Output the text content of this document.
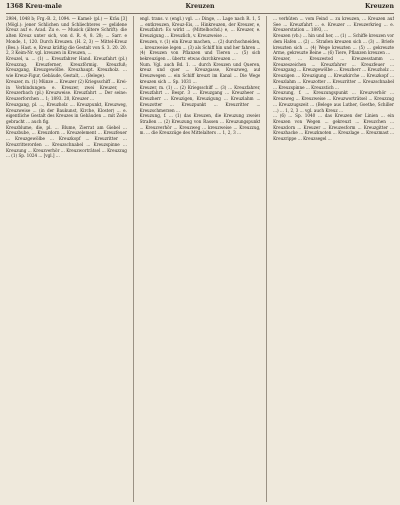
1368 Kreu-male	Kreuzen	Kreuzen

2984, 1048 b; Frg.-B. 2, 1094. — Kamel- (pl.) — Kräu [3] (Mögl.): jener Schlichen und Schliechteres — gelidene Kreuz auf e. Acad. Zu e. — Musick (ältere Schrift): die alten Kreuz unter sich, von d. R. 4, 8. 28; ... Sarr. e Monde, 1, 120. Durch Kreuzen. (H. 2, 3) — Mittel-Kreuz (Bes.): Hast. e, Kreuz kräftig die Gestalt von S. 3. 20. 20. 2, 3 Keim-Nr. vgl. kreuzen in Kreuzen, ...

Kreuzel, u. ... (1) ... Kreuzfahrer Hand. Kreuzfahrt (pl.) Kreuzzug. Kreuzferner, Kreuzförmig. Kreuzfuß; Kreuzgang, Kreuzgewölbe. Kreuzhaupt. Kreuzholz. ... wie Kreuz-Figur, Gebäude, Gestalt, ... (Belege).

Kreuzer, m. (1) Münze ... Kreuzer (2) Kriegsschiff ... Krei- in Verbindungen: e. Kreuzer, zwei Kreuzer, ... Kreuzerbach (pl.) Kreuzweise. Kreuzfahrt ... Der seine: Kreuzerforchen ... 1; 1893. 20, Kreuzer ...

Kreuzgang, pl. ..., Kreuzholz .... Kreuzpunkt, Kreuzweg, Kreuzweise ... (in der Baukunst, Kirche, Kloster) ... e. eigentliche Gestalt des Kreuzes in Gebäuden ... mit Zeile gebracht ... auch fig.

Kreuzblume, die, pl. ... Blume, Zierrat am Giebel ... Kreuzbube, ... Kreuzdorn ... Kreuzelement ... Kreuzfeuer ... Kreuzgewölbe ... Kreuzkopf ... Kreuzritter ... Kreuzritterorden ... Kreuzschnabel ... Kreuzspinne ... Kreuzung ... Kreuzverhör ... Kreuzworträtsel ... Kreuzzug ... (1) Sp. 1024 ... [vgl.] ...

engl. trans. v. (engl.) vgl. ...: Dinge, ... Lage nach R. 1, 5 ... entkreuzen, Kreuz-Eis, ... Hinkreuzen, der Kreuzer, e, Kreuzfahrt: Es wirkt ... (Mittelhochd.) e, ... Kreuzer, e. Kreuzigung ... Kreuzlich, v. Kreuzweise ...

Kreuzen, v. (1) ein Kreuz machen, ... (2) durchschneiden, ... kreuzweise legen ... (3) als Schiff hin und her fahren ... (4) Kreuzen von Pflanzen und Tieren ... (5) sich bekreuzigen ... übertr. etwas durchkreuzen ...

Num. Vgl. auch Bd. 1. ... durch Kreuzen und Queren, kreuz und quer ... Kreuzgasse, Kreuzweg, auf Kreuzwegen ... ein Schiff kreuzt im Kanal ... Die Wege kreuzen sich ... Sp. 1031 ...

Kreuzer, m. (1) ... (2) Kriegsschiff ... (3) ... Kreuzfahrer, Kreuzfahrt ... Bespr. 3 ... Kreuzgang ... Kreuzheer ... Kreuzherr ... Kreuzigen, Kreuzigung ... Kreuzlahm ... Kreuzotter ... Kreuzpunkt ... Kreuzritter ... Kreuzschmerzen ...

Kreuzung, f. ... (1) das Kreuzen, die Kreuzung zweier Straßen ... (2) Kreuzung von Rassen ... Kreuzungspunkt ... Kreuzverhör ... Kreuzweg ... kreuzweise ... Kreuzzug, m. ... die Kreuzzüge des Mittelalters ... 1, 2, 3 ...

... verhüten ... vom Feind ... zu kreuzen, ... Kreuzen auf See ... Kreuzfahrt ... e. Kreuzer ... Kreuzerkrieg ... e. Kreuzerstation ... 1893, ...

Kreuzen (vb.) ... hin und her, ... (1) ... Schiffe kreuzen vor dem Hafen ... (2) ... Straßen kreuzen sich ... (3) ... Briefe kreuzten sich ... (4) Wege kreuzten ... (5) ... gekreuzte Arme, gekreuzte Beine ... (6) Tiere, Pflanzen kreuzen ...

Kreuzer, ... Kreuzestod ... Kreuzesstamm ... Kreuzeszeichen ... Kreuzfahrer ... Kreuzfeuer ... Kreuzgang ... Kreuzgewölbe ... Kreuzherr ... Kreuzholz ... Kreuzigen ... Kreuzigung ... Kreuzkirche ... Kreuzkopf ... Kreuzlahm ... Kreuzotter ... Kreuzritter ... Kreuzschnabel ... Kreuzspinne ... Kreuzstich ...

Kreuzung, f. ... Kreuzungspunkt ... Kreuzverhör ... Kreuzweg ... Kreuzweise ... Kreuzworträtsel ... Kreuzzug ... Kreuzzugszeit ... (Belege aus Luther, Goethe, Schiller ...) ... 1, 2, 3 ... vgl. auch Kreuz ...

... (6) ... Sp. 1040 ... das Kreuzen der Linien ... ein Kreuzen von Wegen ... gekreuzt ... Kreuzchen ... Kreuzdorn ... Kreuzer ... Kreuzesform ... Kreuzgitter ... Kreuzhacke ... Kreuzknoten ... Kreuzlage ... Kreuzmast ... Kreuzrippe ... Kreuzsegel ...
